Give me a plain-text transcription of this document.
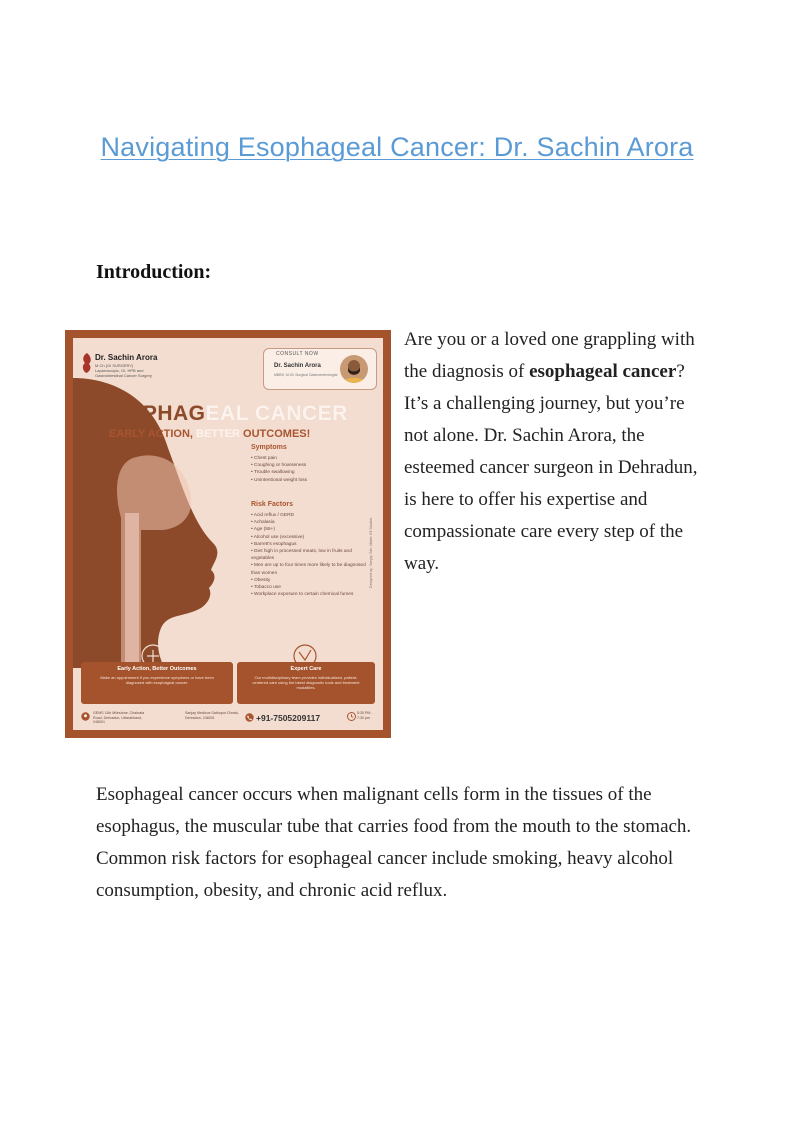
Navigating Esophageal Cancer: Dr. Sachin Arora
Introduction:
Dr. Sachin Arora
M.Ch (GI SURGERY) Laparoscopic, GI, HPB and Gastrointestinal Cancer Surgery
CONSULT NOW
Dr. Sachin Arora
MBBS, M.Ch Surgical Gastroenterologist
ESOPHAGEAL CANCER
EARLY ACTION, BETTER OUTCOMES!
Symptoms
• Chest pain
• Coughing or hoarseness
• Trouble swallowing
• Unintentional weight loss
Risk Factors
• Acid reflux / GERD
• Achalasia
• Age (55+)
• Alcohol use (excessive)
• Barrett's esophagus
• Diet high in processed meats, low in fruits and vegetables
• Men are up to four times more likely to be diagnosed than women
• Obesity
• Tobacco use
• Workplace exposure to certain chemical fumes
Early Action, Better Outcomes
Make an appointment if you experience symptoms or have been diagnosed with esophageal cancer.
Expert Care
Our multidisciplinary team provides individualized, patient-centered care using the latest diagnostic tools and treatment modalities.
GEMS 11th Milestone, Chakrata Road, Dehradun, Uttarakhand, 248001
Sanjay Medicos Sathupur Chowk, Dehradun, 248001	+91-7505209117	5:30 PM - 7:30 pm
Designed by: Sanjay Sah, Made: Ell Studios

Are you or a loved one grappling with the diagnosis of esophageal cancer? It’s a challenging journey, but you’re not alone. Dr. Sachin Arora, the esteemed cancer surgeon in Dehradun, is here to offer his expertise and compassionate care every step of the way.

Esophageal cancer occurs when malignant cells form in the tissues of the esophagus, the muscular tube that carries food from the mouth to the stomach. Common risk factors for esophageal cancer include smoking, heavy alcohol consumption, obesity, and chronic acid reflux.
